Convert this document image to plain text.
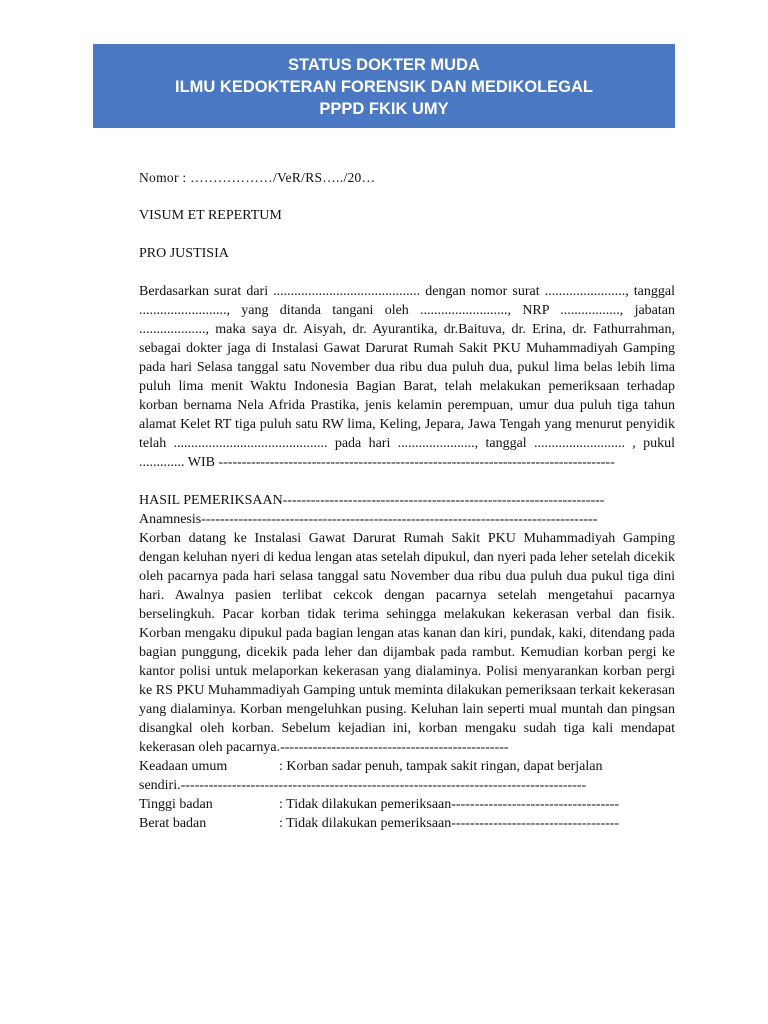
STATUS DOKTER MUDA
ILMU KEDOKTERAN FORENSIK DAN MEDIKOLEGAL
PPPD FKIK UMY

Nomor : ………………/VeR/RS…../20…

VISUM ET REPERTUM

PRO JUSTISIA

Berdasarkan surat dari .......................................... dengan nomor surat ......................., tanggal ........................., yang ditanda tangani oleh ........................., NRP ................., jabatan ..................., maka saya dr. Aisyah, dr. Ayurantika, dr.Baituva, dr. Erina, dr. Fathurrahman, sebagai dokter jaga di Instalasi Gawat Darurat Rumah Sakit PKU Muhammadiyah Gamping pada hari Selasa tanggal satu November dua ribu dua puluh dua, pukul lima belas lebih lima puluh lima menit Waktu Indonesia Bagian Barat, telah melakukan pemeriksaan terhadap korban bernama Nela Afrida Prastika, jenis kelamin perempuan, umur dua puluh tiga tahun alamat Kelet RT tiga puluh satu RW lima, Keling, Jepara, Jawa Tengah yang menurut penyidik telah ............................................ pada hari ......................, tanggal .......................... , pukul ............. WIB -------------------------------------------------------------------------------------

HASIL PEMERIKSAAN---------------------------------------------------------------------

Anamnesis-------------------------------------------------------------------------------------

Korban datang ke Instalasi Gawat Darurat Rumah Sakit PKU Muhammadiyah Gamping dengan keluhan nyeri di kedua lengan atas setelah dipukul, dan nyeri pada leher setelah dicekik oleh pacarnya pada hari selasa tanggal satu November dua ribu dua puluh dua pukul tiga dini hari. Awalnya pasien terlibat cekcok dengan pacarnya setelah mengetahui pacarnya berselingkuh. Pacar korban tidak terima sehingga melakukan kekerasan verbal dan fisik. Korban mengaku dipukul pada bagian lengan atas kanan dan kiri, pundak, kaki, ditendang pada bagian punggung, dicekik pada leher dan dijambak pada rambut. Kemudian korban pergi ke kantor polisi untuk melaporkan kekerasan yang dialaminya. Polisi menyarankan korban pergi ke RS PKU Muhammadiyah Gamping untuk meminta dilakukan pemeriksaan terkait kekerasan yang dialaminya. Korban mengeluhkan pusing. Keluhan lain seperti mual muntah dan pingsan disangkal oleh korban. Sebelum kejadian ini, korban mengaku sudah tiga kali mendapat kekerasan oleh pacarnya.-------------------------------------------------

Keadaan umum	: Korban sadar penuh, tampak sakit ringan, dapat berjalan

sendiri.---------------------------------------------------------------------------------------

Tinggi badan	: Tidak dilakukan pemeriksaan------------------------------------
Berat badan	: Tidak dilakukan pemeriksaan------------------------------------
